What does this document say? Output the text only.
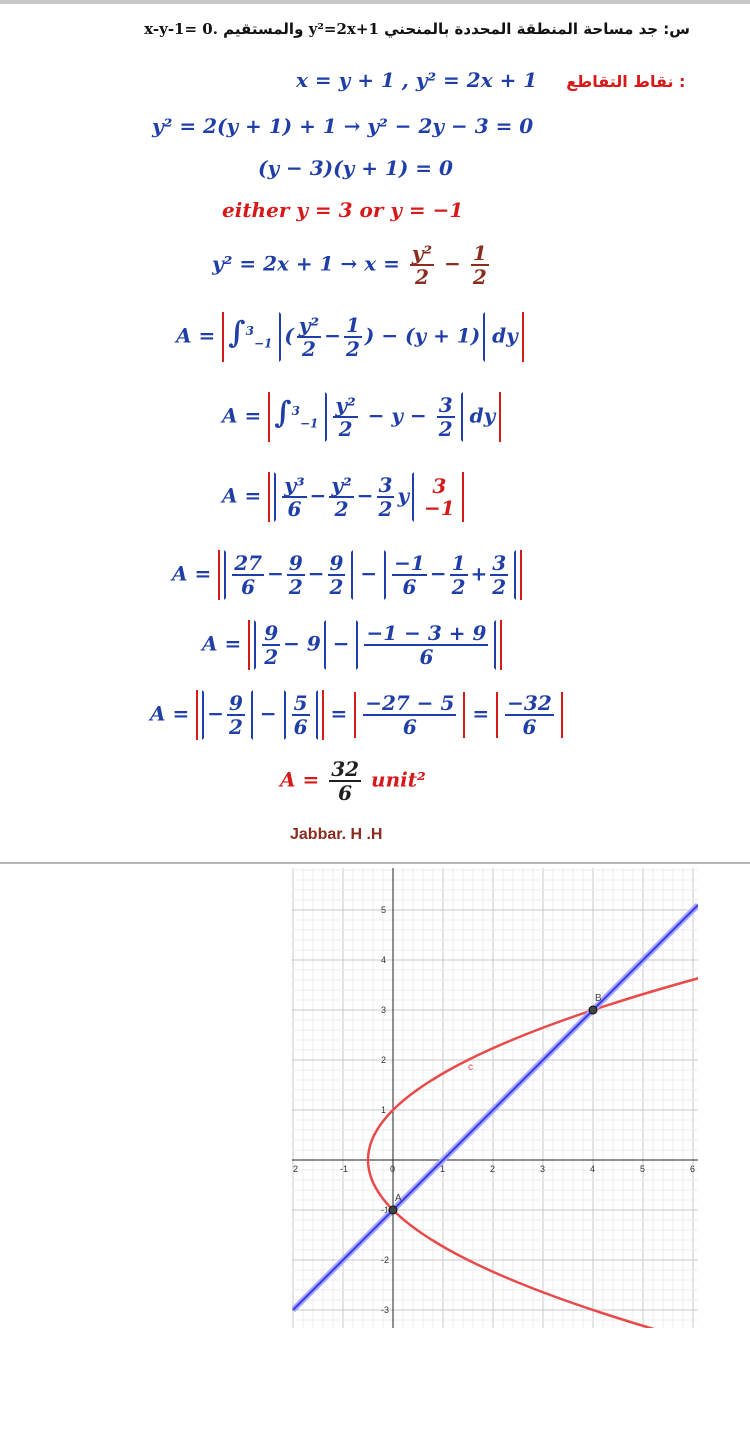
س: جد مساحة المنطقة المحددة بالمنحني y²=2x+1 والمستقيم x-y-1= 0.
x = y + 1 , y² = 2x + 1 نقاط التقاطع :
y² = 2(y + 1) + 1 → y² − 2y − 3 = 0
(y − 3)(y + 1) = 0
either y = 3 or y = −1
$y^2 = 2x + 1 \to x = \frac{\text{y²}}{2} - \frac{1}{2}$
A = ∫$^3_{-1}$ ( $\frac{\text{y²}}{2} - \frac{1}{2}$ ) − (y + 1) dy
$A = \int^3_{-1} \frac{\text{y²}}{2} - y - \frac{3}{2}$ dy
$A = \frac{\text{y³}}{6} - \frac{\text{y²}}{2} - \frac{3}{2}$ y 3
−1
$A = \frac{27}{6} - \frac{9}{2} - \frac{9}{2} - \frac{-1}{6} - \frac{1}{2} + \frac{3}{2}$
$A = \frac{9}{2} - 9 - \frac{-1 - 3 + 9}{6}$
A = − $\frac{9}{2} - \frac{5}{6} = \frac{-27 - 5}{6} = \frac{-32}{6}$
$A = \frac{32}{6}$ unit²
Jabbar. H .H
2	-1	0	1	2	3	4	5	6
5
4
3
2
1
-1
-2
-3
A
B
c
